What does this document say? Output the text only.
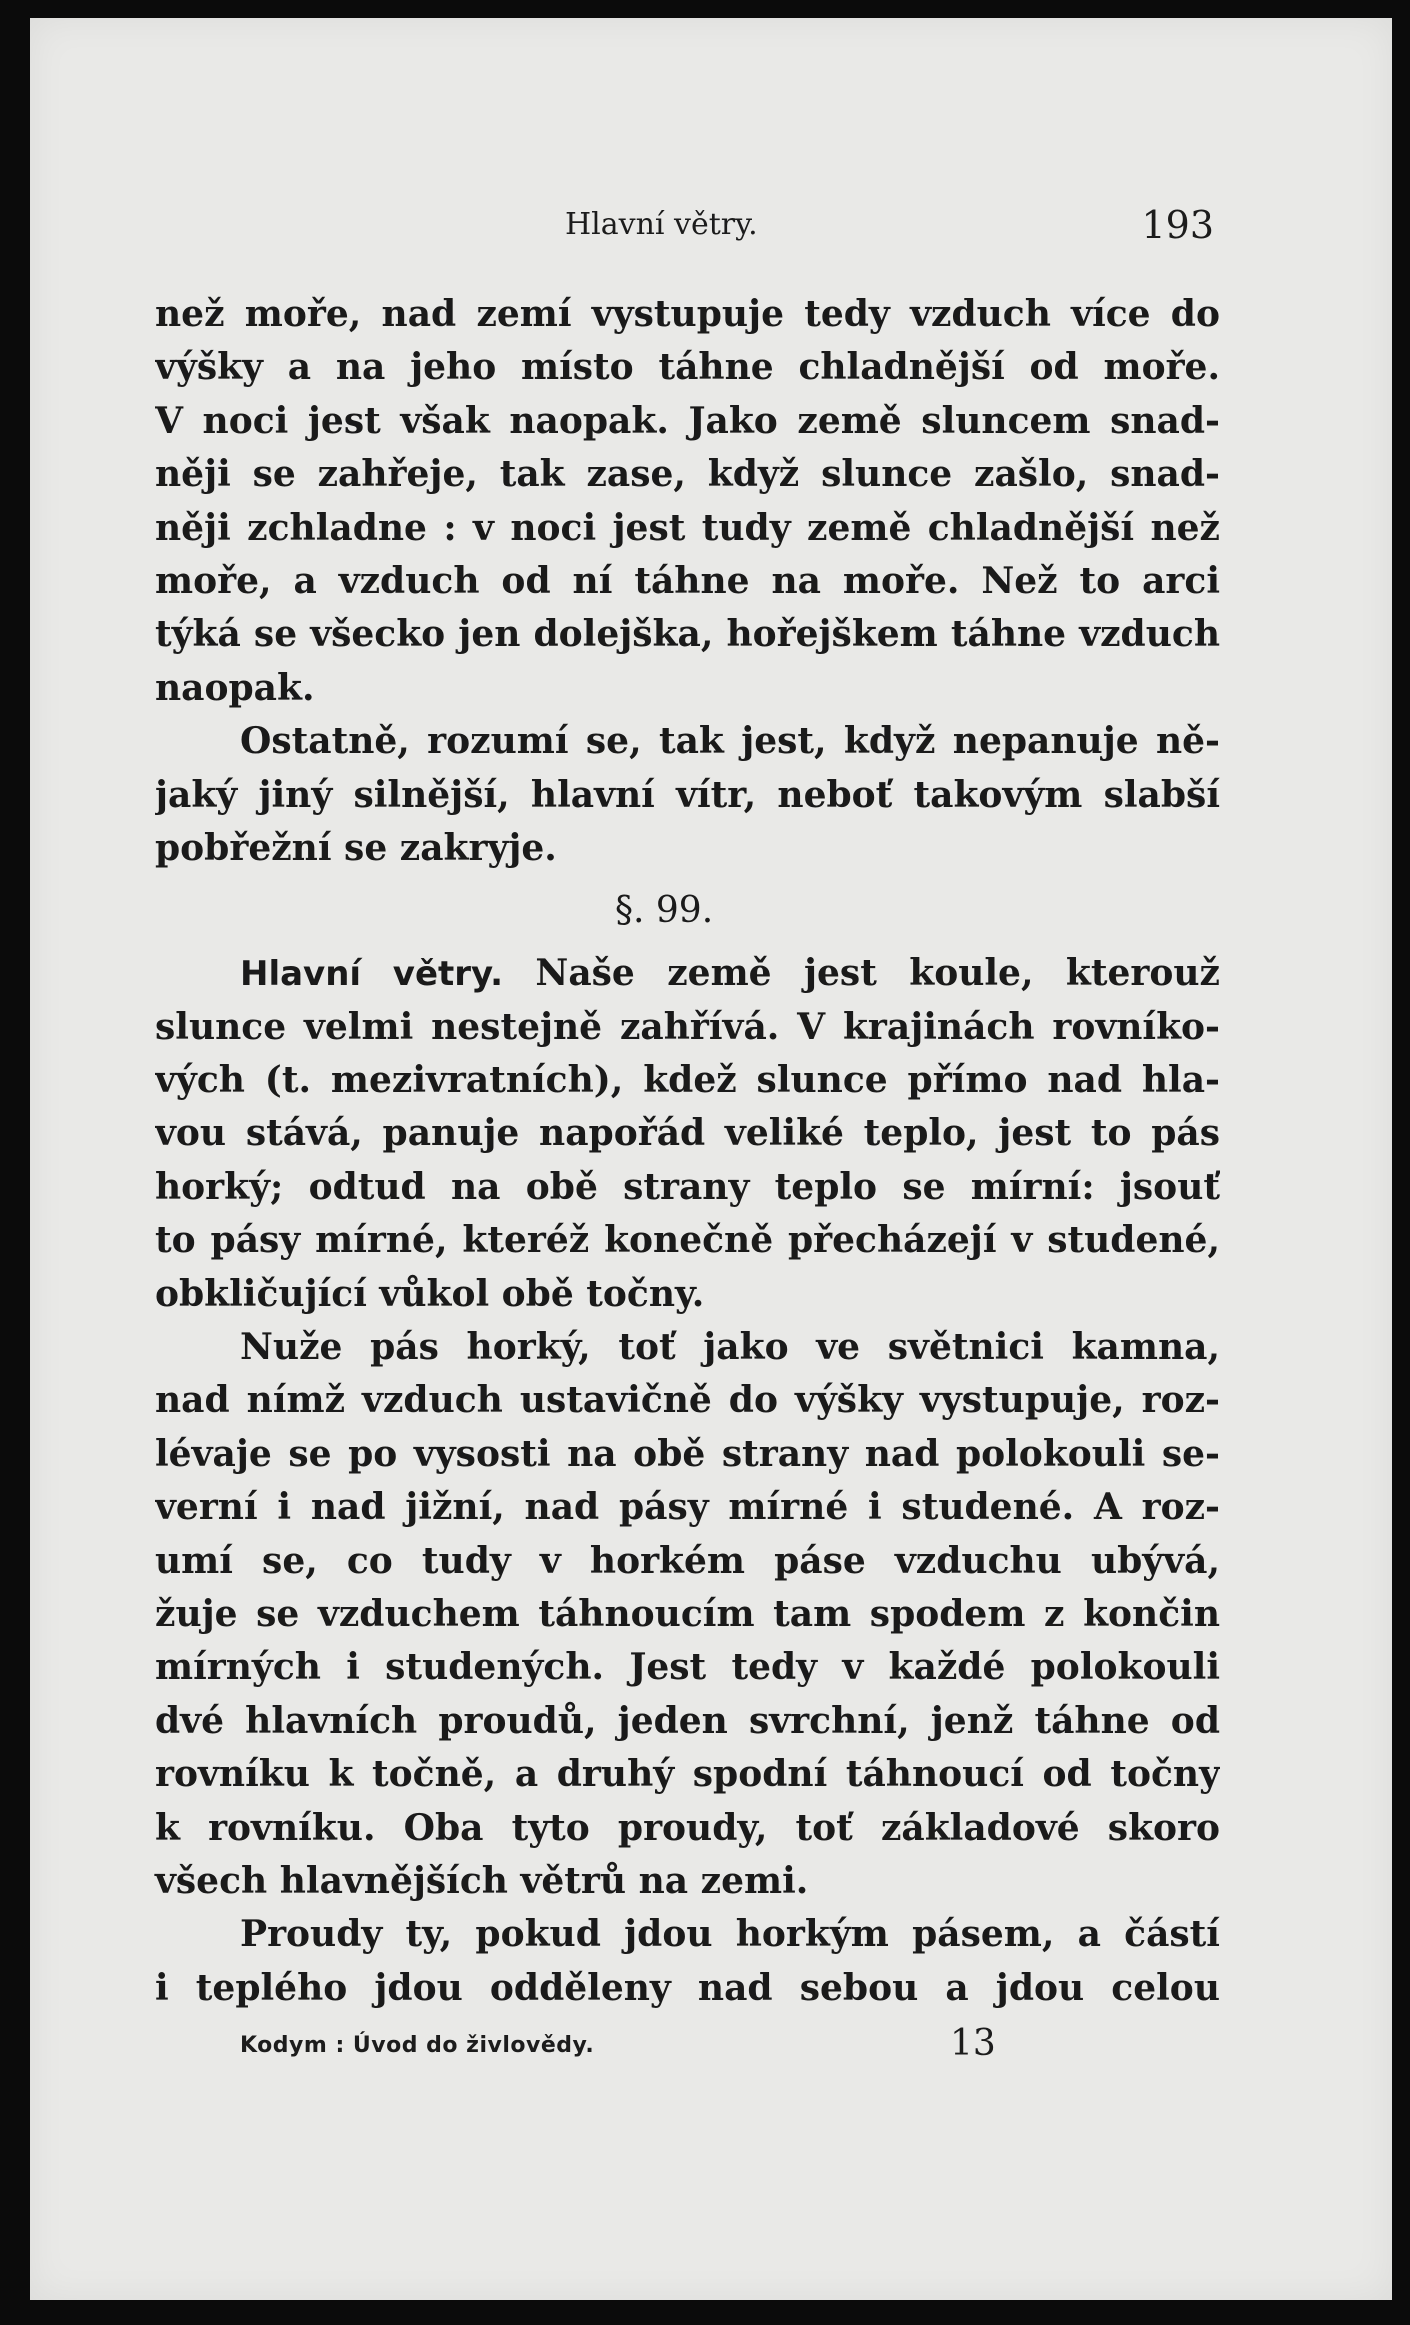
Hlavní větry.	193
než moře, nad zemí vystupuje tedy vzduch více do
výšky a na jeho místo táhne chladnější od moře.
V noci jest však naopak. Jako země sluncem snad-
něji se zahřeje, tak zase, když slunce zašlo, snad-
něji zchladne : v noci jest tudy země chladnější než
moře, a vzduch od ní táhne na moře. Než to arci
týká se všecko jen dolejška, hořejškem táhne vzduch
naopak.
Ostatně, rozumí se, tak jest, když nepanuje ně-
jaký jiný silnější, hlavní vítr, neboť takovým slabší
pobřežní se zakryje.
§. 99.
Hlavní větry. Naše země jest koule, kterouž
slunce velmi nestejně zahřívá. V krajinách rovníko-
vých (t. mezivratních), kdež slunce přímo nad hla-
vou stává, panuje napořád veliké teplo, jest to pás
horký; odtud na obě strany teplo se mírní: jsouť
to pásy mírné, kteréž konečně přecházejí v studené,
obkličující vůkol obě točny.
Nuže pás horký, toť jako ve světnici kamna,
nad nímž vzduch ustavičně do výšky vystupuje, roz-
lévaje se po vysosti na obě strany nad polokouli se-
verní i nad jižní, nad pásy mírné i studené. A roz-
umí se, co tudy v horkém páse vzduchu ubývá,
žuje se vzduchem táhnoucím tam spodem z končin
mírných i studených. Jest tedy v každé polokouli
dvé hlavních proudů, jeden svrchní, jenž táhne od
rovníku k točně, a druhý spodní táhnoucí od točny
k rovníku. Oba tyto proudy, toť základové skoro
všech hlavnějších větrů na zemi.
Proudy ty, pokud jdou horkým pásem, a částí
i teplého jdou odděleny nad sebou a jdou celou
Kodym : Úvod do živlovědy.	13
